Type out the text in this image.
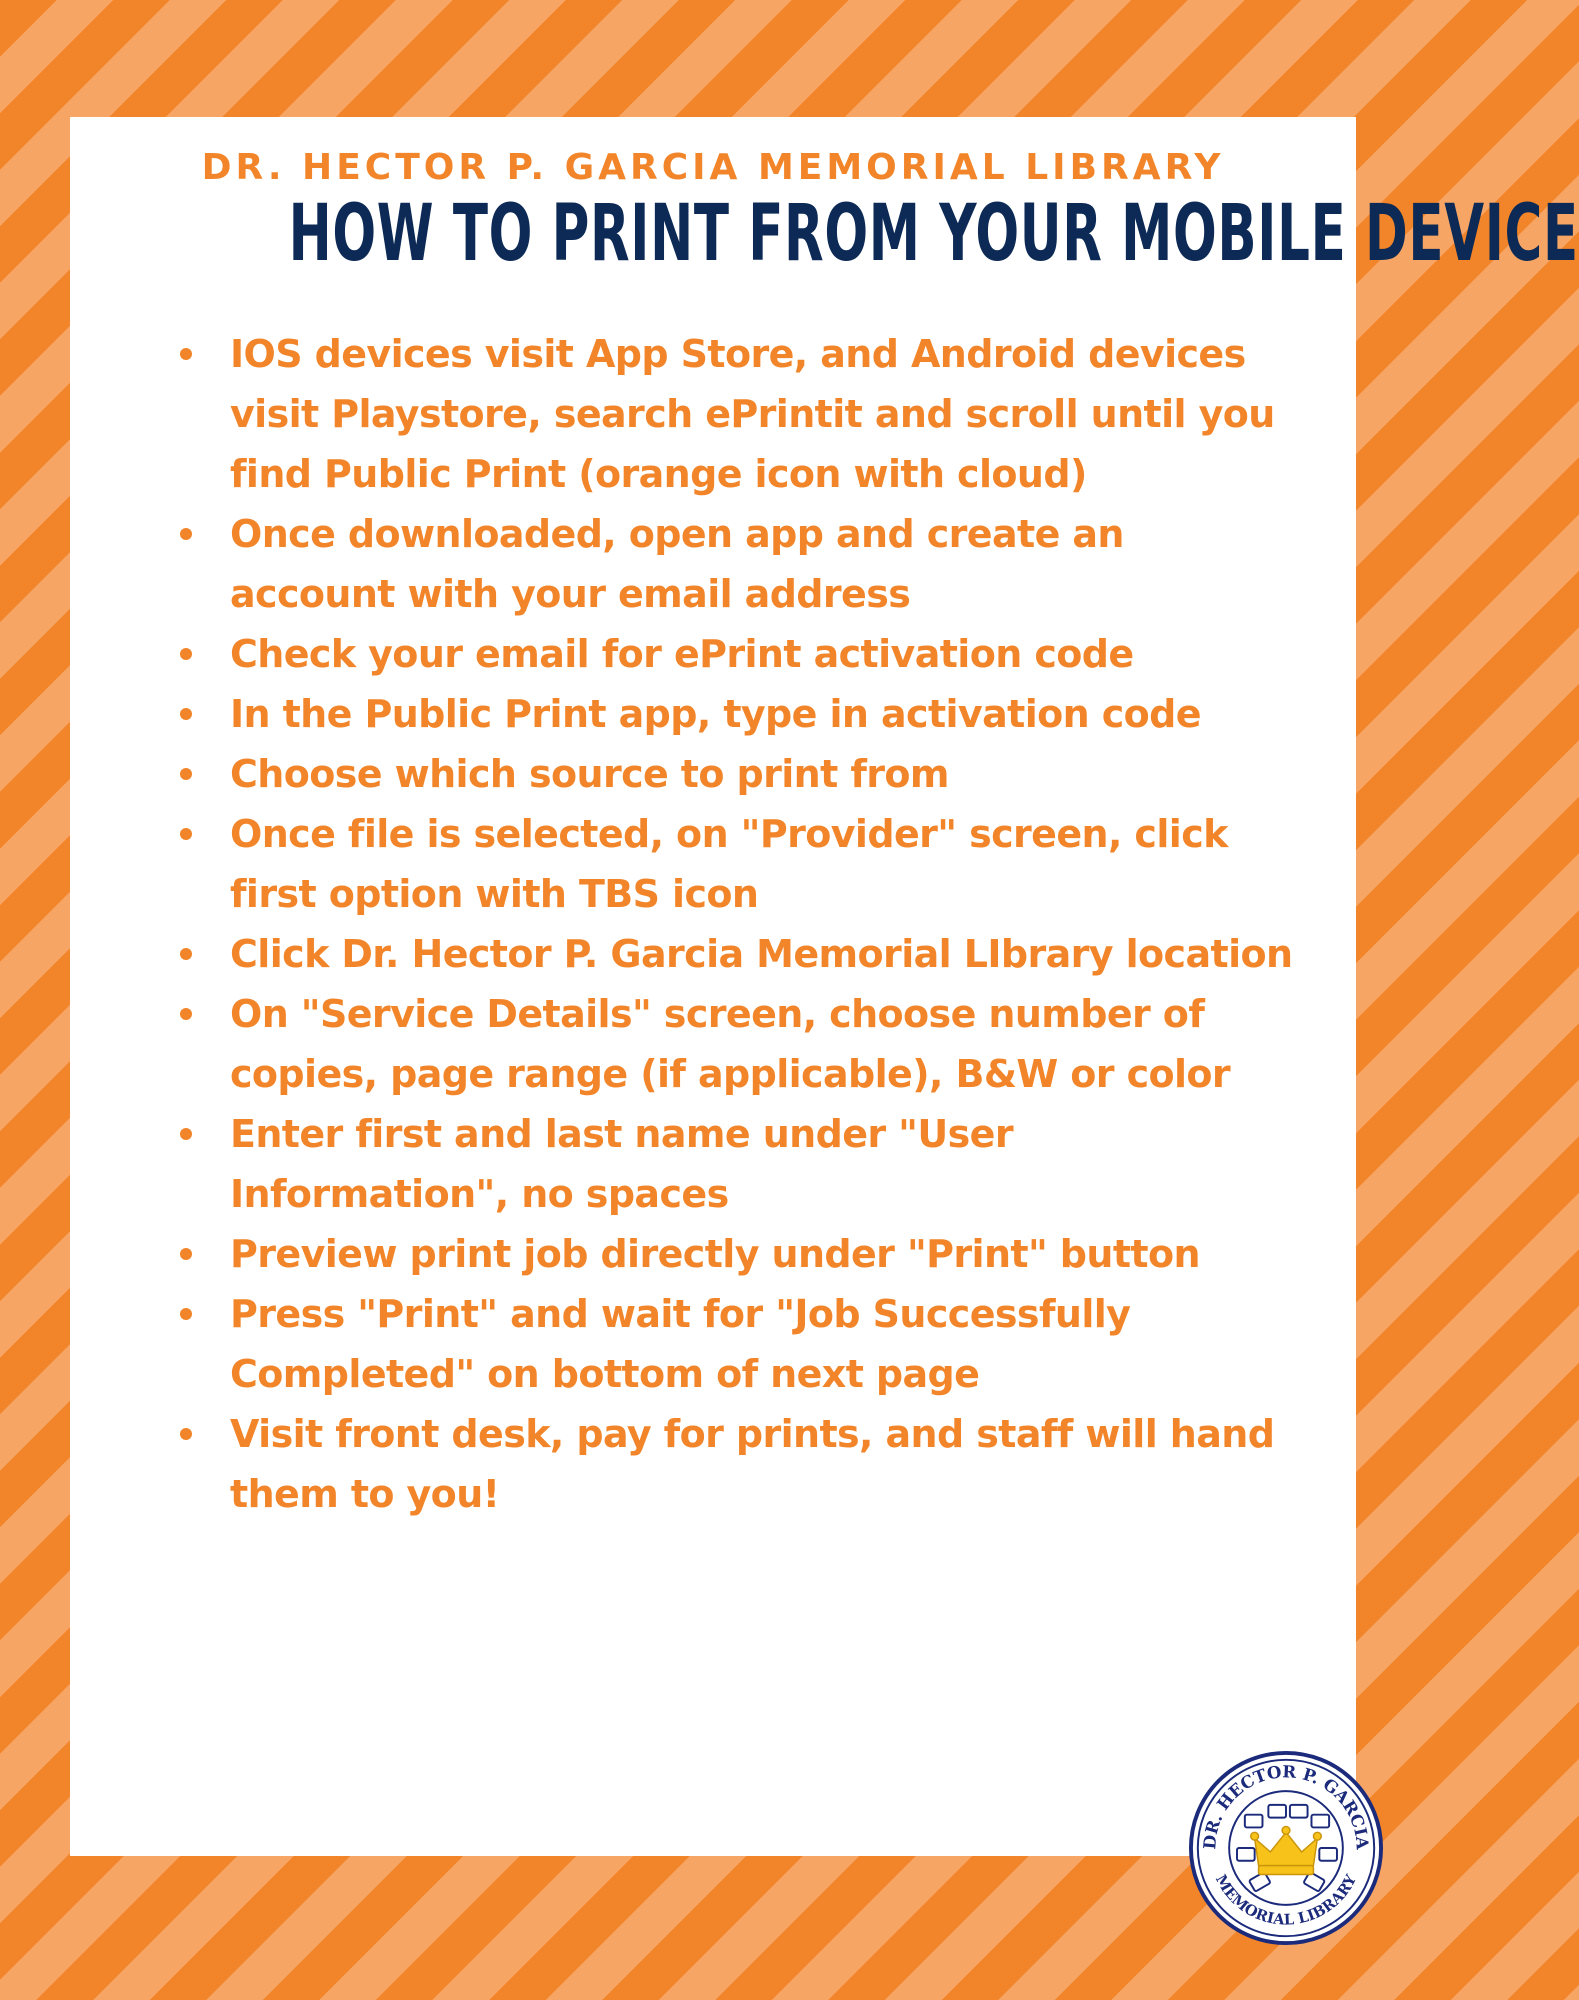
DR. HECTOR P. GARCIA MEMORIAL LIBRARY
HOW TO PRINT FROM YOUR MOBILE DEVICE
IOS devices visit App Store, and Android devices visit Playstore, search ePrintit and scroll until you find Public Print (orange icon with cloud)
Once downloaded, open app and create an account with your email address
Check your email for ePrint activation code
In the Public Print app, type in activation code
Choose which source to print from
Once file is selected, on "Provider" screen, click first option with TBS icon
Click Dr. Hector P. Garcia Memorial LIbrary location
On "Service Details" screen, choose number of copies, page range (if applicable), B&W or color
Enter first and last name under "User Information", no spaces
Preview print job directly under "Print" button
Press "Print" and wait for "Job Successfully Completed" on bottom of next page
Visit front desk, pay for prints, and staff will hand them to you!
DR. HECTOR P. GARCIA
MEMORIAL LIBRARY
